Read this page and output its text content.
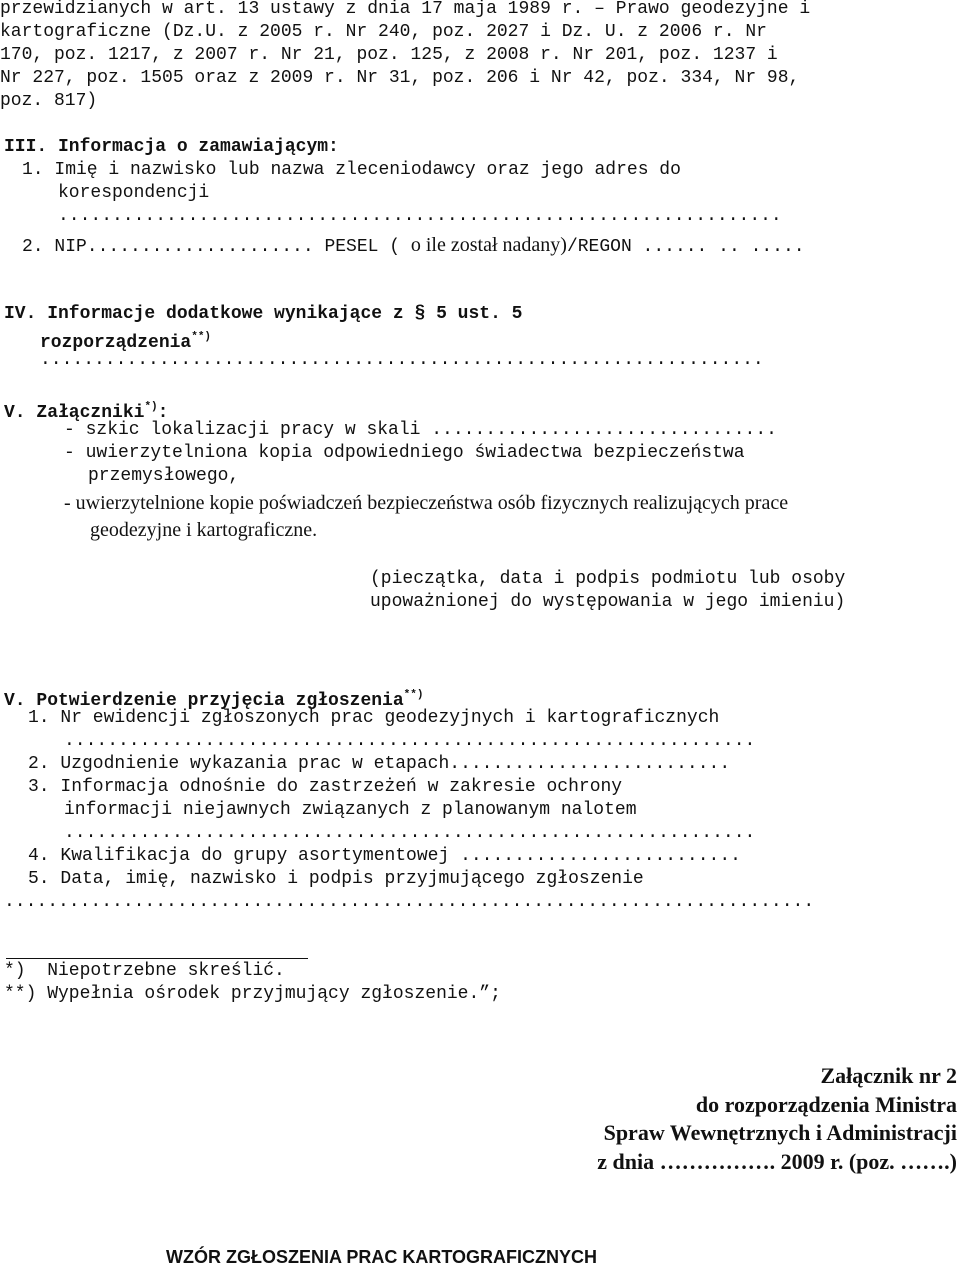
przewidzianych w art. 13 ustawy z dnia 17 maja 1989 r. – Prawo geodezyjne i
kartograficzne (Dz.U. z 2005 r. Nr 240, poz. 2027 i Dz. U. z 2006 r. Nr
170, poz. 1217, z 2007 r. Nr 21, poz. 125, z 2008 r. Nr 201, poz. 1237 i
Nr 227, poz. 1505 oraz z 2009 r. Nr 31, poz. 206 i Nr 42, poz. 334, Nr 98,
poz. 817)
III. Informacja o zamawiającym:
1. Imię i nazwisko lub nazwa zleceniodawcy oraz jego adres do
korespondencji
...................................................................
2. NIP..................... PESEL ( o ile został nadany)/REGON ...... .. .....
IV. Informacje dodatkowe wynikające z § 5 ust. 5
rozporządzenia**)
...................................................................
V. Załączniki*):
- szkic lokalizacji pracy w skali ................................
- uwierzytelniona kopia odpowiedniego świadectwa bezpieczeństwa
przemysłowego,
- uwierzytelnione kopie poświadczeń bezpieczeństwa osób fizycznych realizujących prace
geodezyjne i kartograficzne.
(pieczątka, data i podpis podmiotu lub osoby
upoważnionej do występowania w jego imieniu)
V. Potwierdzenie przyjęcia zgłoszenia**)
1. Nr ewidencji zgłoszonych prac geodezyjnych i kartograficznych
................................................................
2. Uzgodnienie wykazania prac w etapach..........................
3. Informacja odnośnie do zastrzeżeń w zakresie ochrony
informacji niejawnych związanych z planowanym nalotem
................................................................
4. Kwalifikacja do grupy asortymentowej ..........................
5. Data, imię, nazwisko i podpis przyjmującego zgłoszenie
...........................................................................
*)  Niepotrzebne skreślić.
**) Wypełnia ośrodek przyjmujący zgłoszenie.”;
Załącznik nr 2
do rozporządzenia Ministra
Spraw Wewnętrznych i Administracji
z dnia ……………. 2009 r. (poz. …….)
WZÓR ZGŁOSZENIA PRAC KARTOGRAFICZNYCH
